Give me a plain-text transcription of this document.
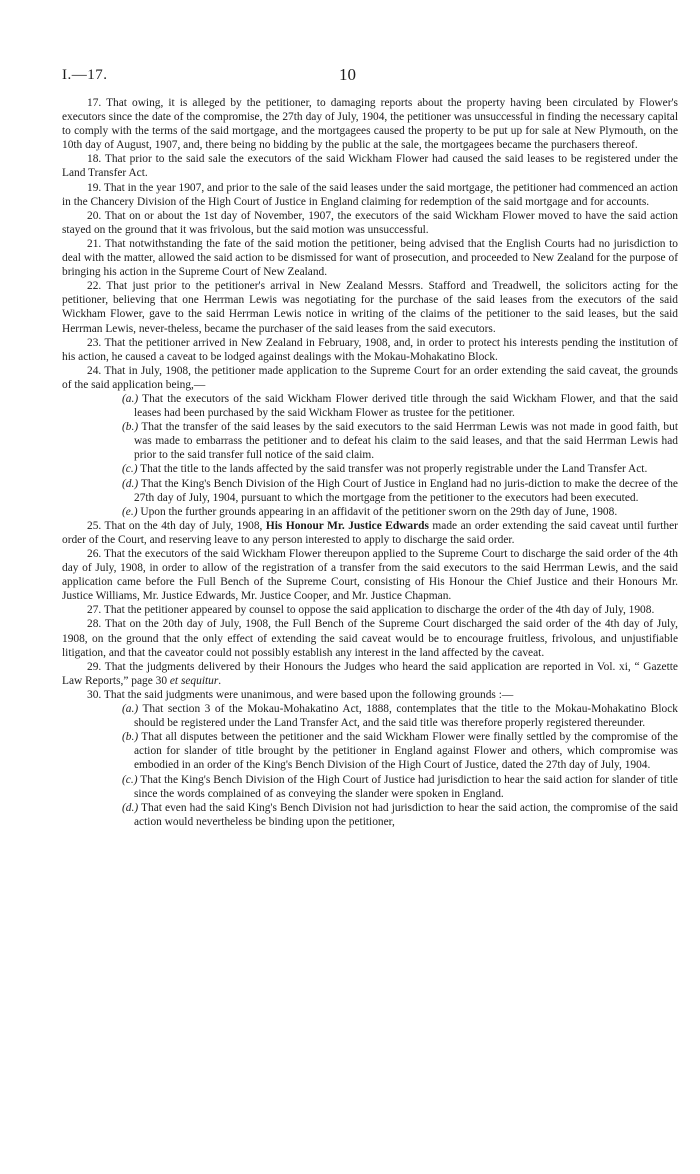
I.—17.	10

17. That owing, it is alleged by the petitioner, to damaging reports about the property having been circulated by Flower's executors since the date of the compromise, the 27th day of July, 1904, the petitioner was unsuccessful in finding the necessary capital to comply with the terms of the said mortgage, and the mortgagees caused the property to be put up for sale at New Plymouth, on the 10th day of August, 1907, and, there being no bidding by the public at the sale, the mortgagees became the purchasers thereof.

18. That prior to the said sale the executors of the said Wickham Flower had caused the said leases to be registered under the Land Transfer Act.

19. That in the year 1907, and prior to the sale of the said leases under the said mortgage, the petitioner had commenced an action in the Chancery Division of the High Court of Justice in England claiming for redemption of the said mortgage and for accounts.

20. That on or about the 1st day of November, 1907, the executors of the said Wickham Flower moved to have the said action stayed on the ground that it was frivolous, but the said motion was unsuccessful.

21. That notwithstanding the fate of the said motion the petitioner, being advised that the English Courts had no jurisdiction to deal with the matter, allowed the said action to be dismissed for want of prosecution, and proceeded to New Zealand for the purpose of bringing his action in the Supreme Court of New Zealand.

22. That just prior to the petitioner's arrival in New Zealand Messrs. Stafford and Treadwell, the solicitors acting for the petitioner, believing that one Herrman Lewis was negotiating for the purchase of the said leases from the executors of the said Wickham Flower, gave to the said Herrman Lewis notice in writing of the claims of the petitioner to the said leases, but the said Herrman Lewis, never-theless, became the purchaser of the said leases from the said executors.

23. That the petitioner arrived in New Zealand in February, 1908, and, in order to protect his interests pending the institution of his action, he caused a caveat to be lodged against dealings with the Mokau-Mohakatino Block.

24. That in July, 1908, the petitioner made application to the Supreme Court for an order extending the said caveat, the grounds of the said application being,—

(a.) That the executors of the said Wickham Flower derived title through the said Wickham Flower, and that the said leases had been purchased by the said Wickham Flower as trustee for the petitioner.

(b.) That the transfer of the said leases by the said executors to the said Herrman Lewis was not made in good faith, but was made to embarrass the petitioner and to defeat his claim to the said leases, and that the said Herrman Lewis had prior to the said transfer full notice of the said claim.

(c.) That the title to the lands affected by the said transfer was not properly registrable under the Land Transfer Act.

(d.) That the King's Bench Division of the High Court of Justice in England had no juris-diction to make the decree of the 27th day of July, 1904, pursuant to which the mortgage from the petitioner to the executors had been executed.

(e.) Upon the further grounds appearing in an affidavit of the petitioner sworn on the 29th day of June, 1908.

25. That on the 4th day of July, 1908, His Honour Mr. Justice Edwards made an order extending the said caveat until further order of the Court, and reserving leave to any person interested to apply to discharge the said order.

26. That the executors of the said Wickham Flower thereupon applied to the Supreme Court to discharge the said order of the 4th day of July, 1908, in order to allow of the registration of a transfer from the said executors to the said Herrman Lewis, and the said application came before the Full Bench of the Supreme Court, consisting of His Honour the Chief Justice and their Honours Mr. Justice Williams, Mr. Justice Edwards, Mr. Justice Cooper, and Mr. Justice Chapman.

27. That the petitioner appeared by counsel to oppose the said application to discharge the order of the 4th day of July, 1908.

28. That on the 20th day of July, 1908, the Full Bench of the Supreme Court discharged the said order of the 4th day of July, 1908, on the ground that the only effect of extending the said caveat would be to encourage fruitless, frivolous, and unjustifiable litigation, and that the caveator could not possibly establish any interest in the land affected by the caveat.

29. That the judgments delivered by their Honours the Judges who heard the said application are reported in Vol. xi, “ Gazette Law Reports,” page 30 et sequitur.

30. That the said judgments were unanimous, and were based upon the following grounds :—

(a.) That section 3 of the Mokau-Mohakatino Act, 1888, contemplates that the title to the Mokau-Mohakatino Block should be registered under the Land Transfer Act, and the said title was therefore properly registered thereunder.

(b.) That all disputes between the petitioner and the said Wickham Flower were finally settled by the compromise of the action for slander of title brought by the petitioner in England against Flower and others, which compromise was embodied in an order of the King's Bench Division of the High Court of Justice, dated the 27th day of July, 1904.

(c.) That the King's Bench Division of the High Court of Justice had jurisdiction to hear the said action for slander of title since the words complained of as conveying the slander were spoken in England.

(d.) That even had the said King's Bench Division not had jurisdiction to hear the said action, the compromise of the said action would nevertheless be binding upon the petitioner,
